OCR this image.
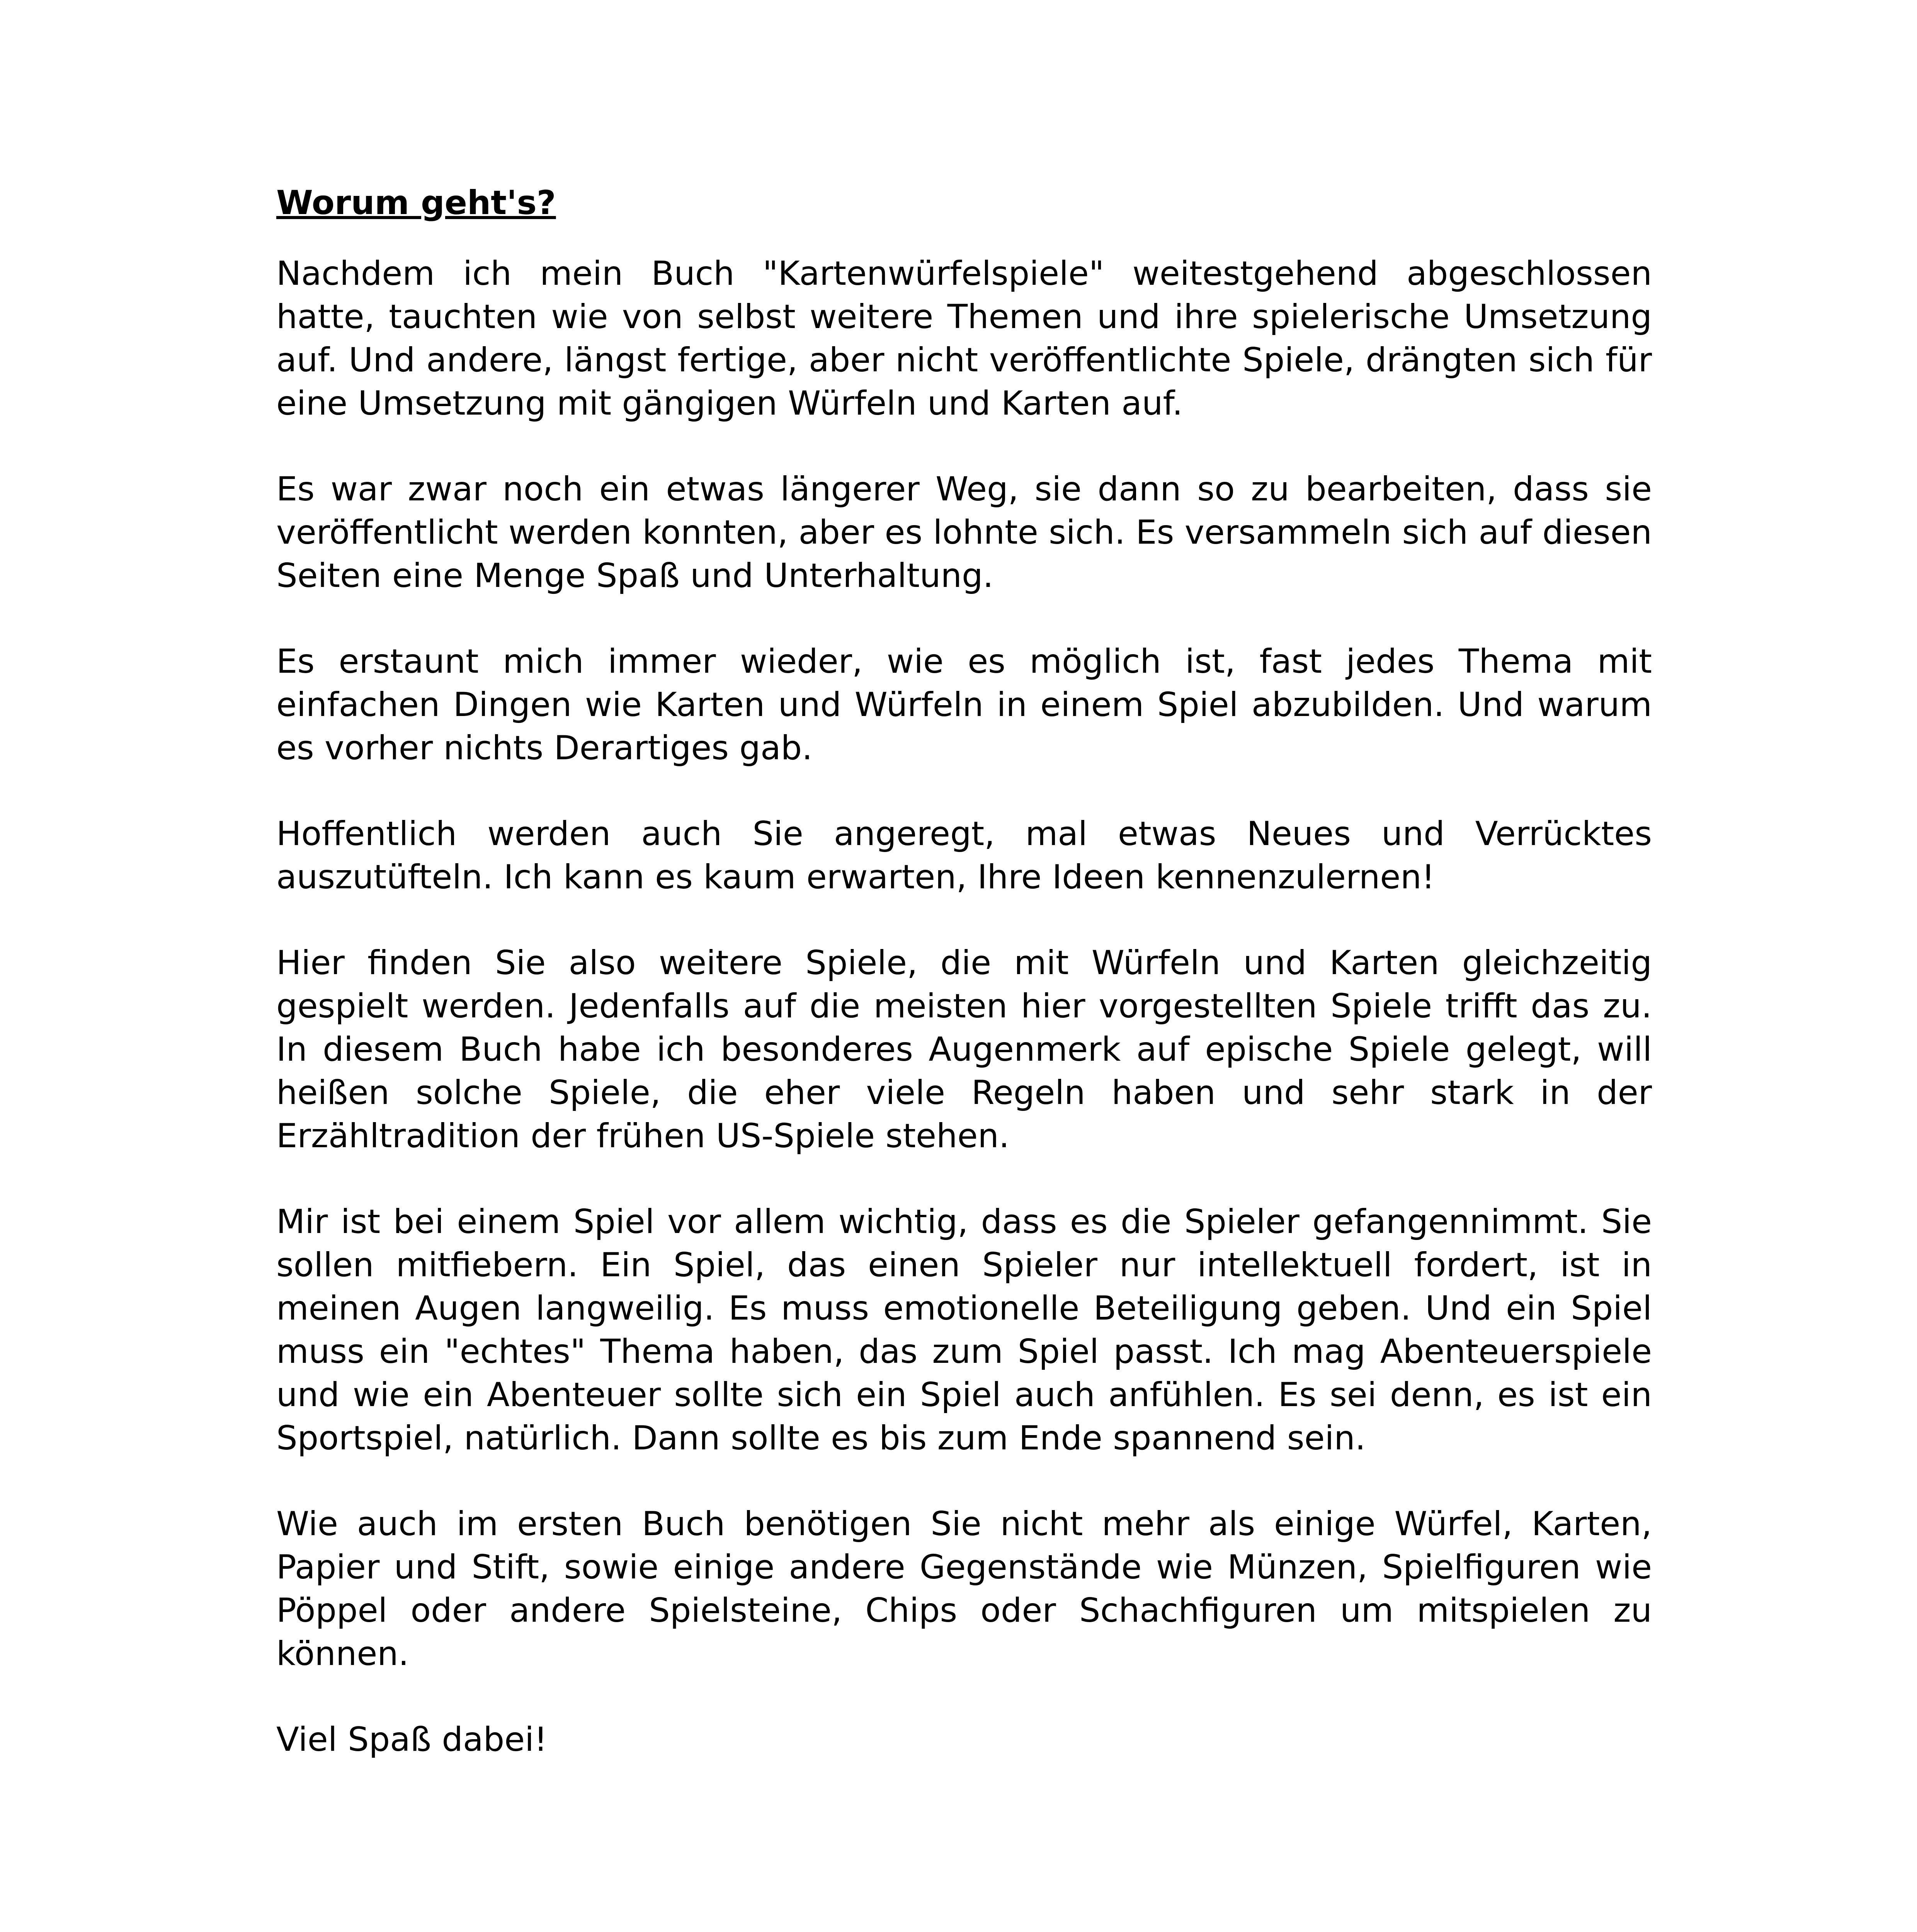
Worum geht's?

Nachdem ich mein Buch "Kartenwürfelspiele" weitestgehend abgeschlossen hatte, tauchten wie von selbst weitere Themen und ihre spielerische Umsetzung auf. Und andere, längst fertige, aber nicht veröffentlichte Spiele, drängten sich für eine Umsetzung mit gängigen Würfeln und Karten auf.

Es war zwar noch ein etwas längerer Weg, sie dann so zu bearbeiten, dass sie veröffentlicht werden konnten, aber es lohnte sich. Es versammeln sich auf diesen Seiten eine Menge Spaß und Unterhaltung.

Es erstaunt mich immer wieder, wie es möglich ist, fast jedes Thema mit einfachen Dingen wie Karten und Würfeln in einem Spiel abzubilden. Und warum es vorher nichts Derartiges gab.

Hoffentlich werden auch Sie angeregt, mal etwas Neues und Verrücktes auszutüfteln. Ich kann es kaum erwarten, Ihre Ideen kennenzulernen!

Hier finden Sie also weitere Spiele, die mit Würfeln und Karten gleichzeitig gespielt werden. Jedenfalls auf die meisten hier vorgestellten Spiele trifft das zu. In diesem Buch habe ich besonderes Augenmerk auf epische Spiele gelegt, will heißen solche Spiele, die eher viele Regeln haben und sehr stark in der Erzähltradition der frühen US-Spiele stehen.

Mir ist bei einem Spiel vor allem wichtig, dass es die Spieler gefangennimmt. Sie sollen mitfiebern. Ein Spiel, das einen Spieler nur intellektuell fordert, ist in meinen Augen langweilig. Es muss emotionelle Beteiligung geben. Und ein Spiel muss ein "echtes" Thema haben, das zum Spiel passt. Ich mag Abenteuerspiele und wie ein Abenteuer sollte sich ein Spiel auch anfühlen. Es sei denn, es ist ein Sportspiel, natürlich. Dann sollte es bis zum Ende spannend sein.

Wie auch im ersten Buch benötigen Sie nicht mehr als einige Würfel, Karten, Papier und Stift, sowie einige andere Gegenstände wie Münzen, Spielfiguren wie Pöppel oder andere Spielsteine, Chips oder Schachfiguren um mitspielen zu können.

Viel Spaß dabei!
